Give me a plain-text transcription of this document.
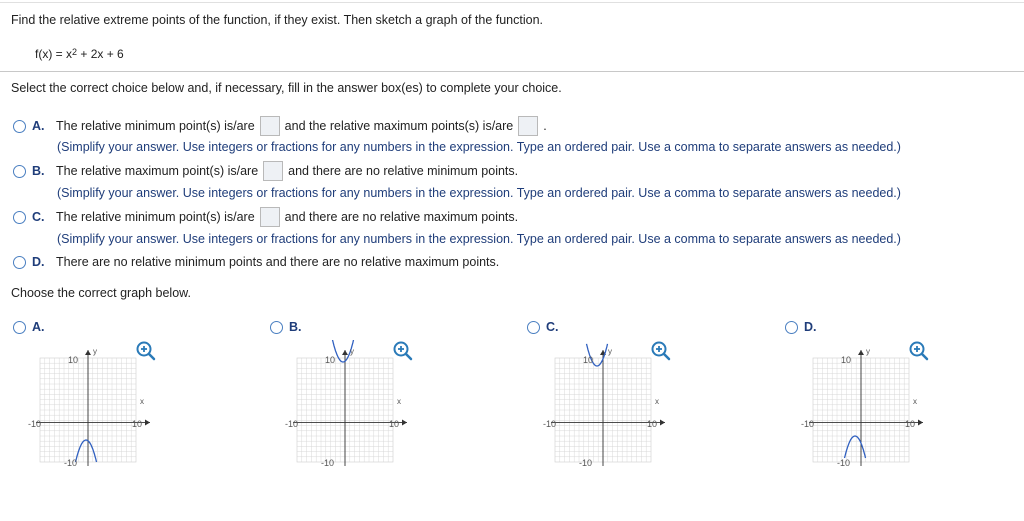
Find the relative extreme points of the function, if they exist. Then sketch a graph of the function.
$f(x) = x^2 + 2x + 6$
Select the correct choice below and, if necessary, fill in the answer box(es) to complete your choice.
A. The relative minimum point(s) is/are and the relative maximum points(s) is/are .
(Simplify your answer. Use integers or fractions for any numbers in the expression. Type an ordered pair. Use a comma to separate answers as needed.)
B. The relative maximum point(s) is/are and there are no relative minimum points.
(Simplify your answer. Use integers or fractions for any numbers in the expression. Type an ordered pair. Use a comma to separate answers as needed.)
C. The relative minimum point(s) is/are and there are no relative maximum points.
(Simplify your answer. Use integers or fractions for any numbers in the expression. Type an ordered pair. Use a comma to separate answers as needed.)
D. There are no relative minimum points and there are no relative maximum points.
Choose the correct graph below.
A.	B.	C.	D.
10
-10
-10	10
x
y
10
-10
-10	10
x
y
10
-10
-10	10
x
y
10
-10
-10	10
x
y
